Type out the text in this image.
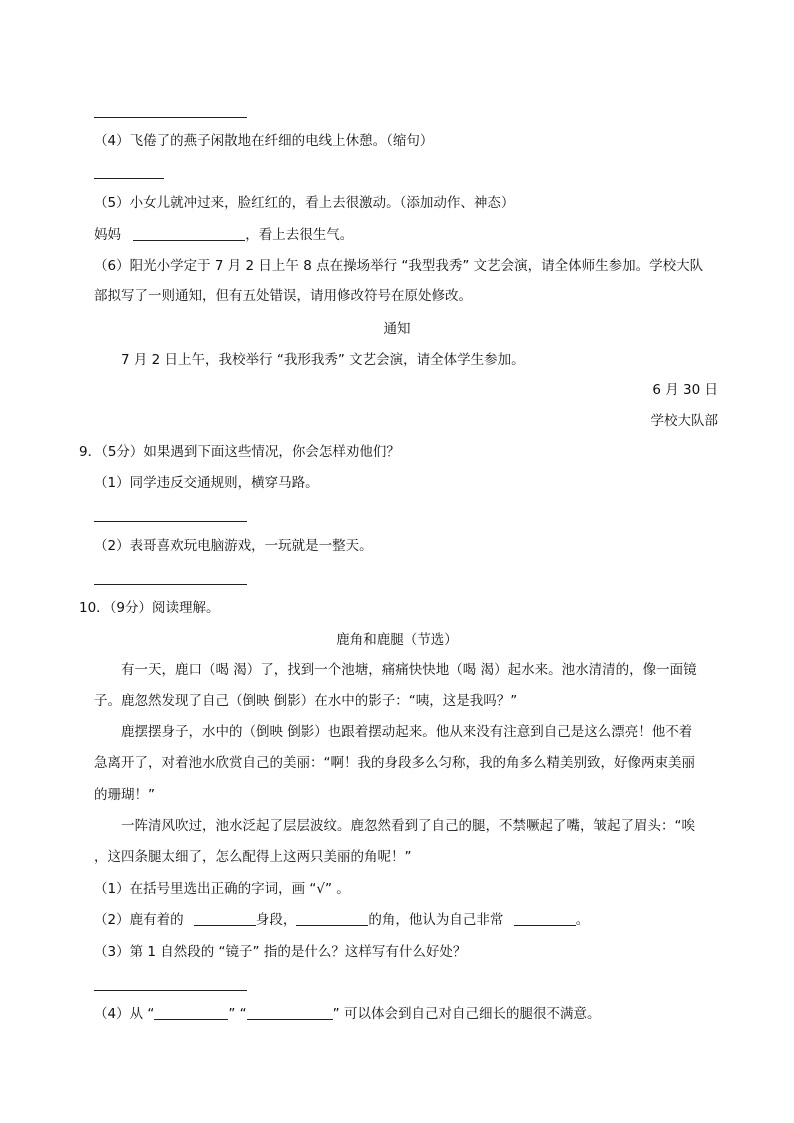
（4）飞倦了的燕子闲散地在纤细的电线上休憩。（缩句）
（5）小女儿就冲过来，脸红红的，看上去很激动。（添加动作、神态）
妈妈	，看上去很生气。
（6）阳光小学定于 7 月 2 日上午 8 点在操场举行 “我型我秀” 文艺会演，请全体师生参加。学校大队
部拟写了一则通知，但有五处错误，请用修改符号在原处修改。
通知
7 月 2 日上午，我校举行 “我形我秀” 文艺会演，请全体学生参加。
6 月 30 日
学校大队部
9．（5分）如果遇到下面这些情况，你会怎样劝他们？
（1）同学违反交通规则，横穿马路。
（2）表哥喜欢玩电脑游戏，一玩就是一整天。
10．（9分）阅读理解。
鹿角和鹿腿（节选）
有一天，鹿口（喝 渴）了，找到一个池塘，痛痛快快地（喝 渴）起水来。池水清清的，像一面镜
子。鹿忽然发现了自己（倒映 倒影）在水中的影子：“咦，这是我吗？”
鹿摆摆身子，水中的（倒映 倒影）也跟着摆动起来。他从来没有注意到自己是这么漂亮！他不着
急离开了，对着池水欣赏自己的美丽：“啊！我的身段多么匀称，我的角多么精美别致，好像两束美丽
的珊瑚！”
一阵清风吹过，池水泛起了层层波纹。鹿忽然看到了自己的腿，不禁噘起了嘴，皱起了眉头：“唉
，这四条腿太细了，怎么配得上这两只美丽的角呢！”
（1）在括号里选出正确的字词，画 “√” 。
（2）鹿有着的	身段，	的角，他认为自己非常	。
（3）第 1 自然段的 “镜子” 指的是什么？这样写有什么好处？
（4）从 “	” “	” 可以体会到自己对自己细长的腿很不满意。
